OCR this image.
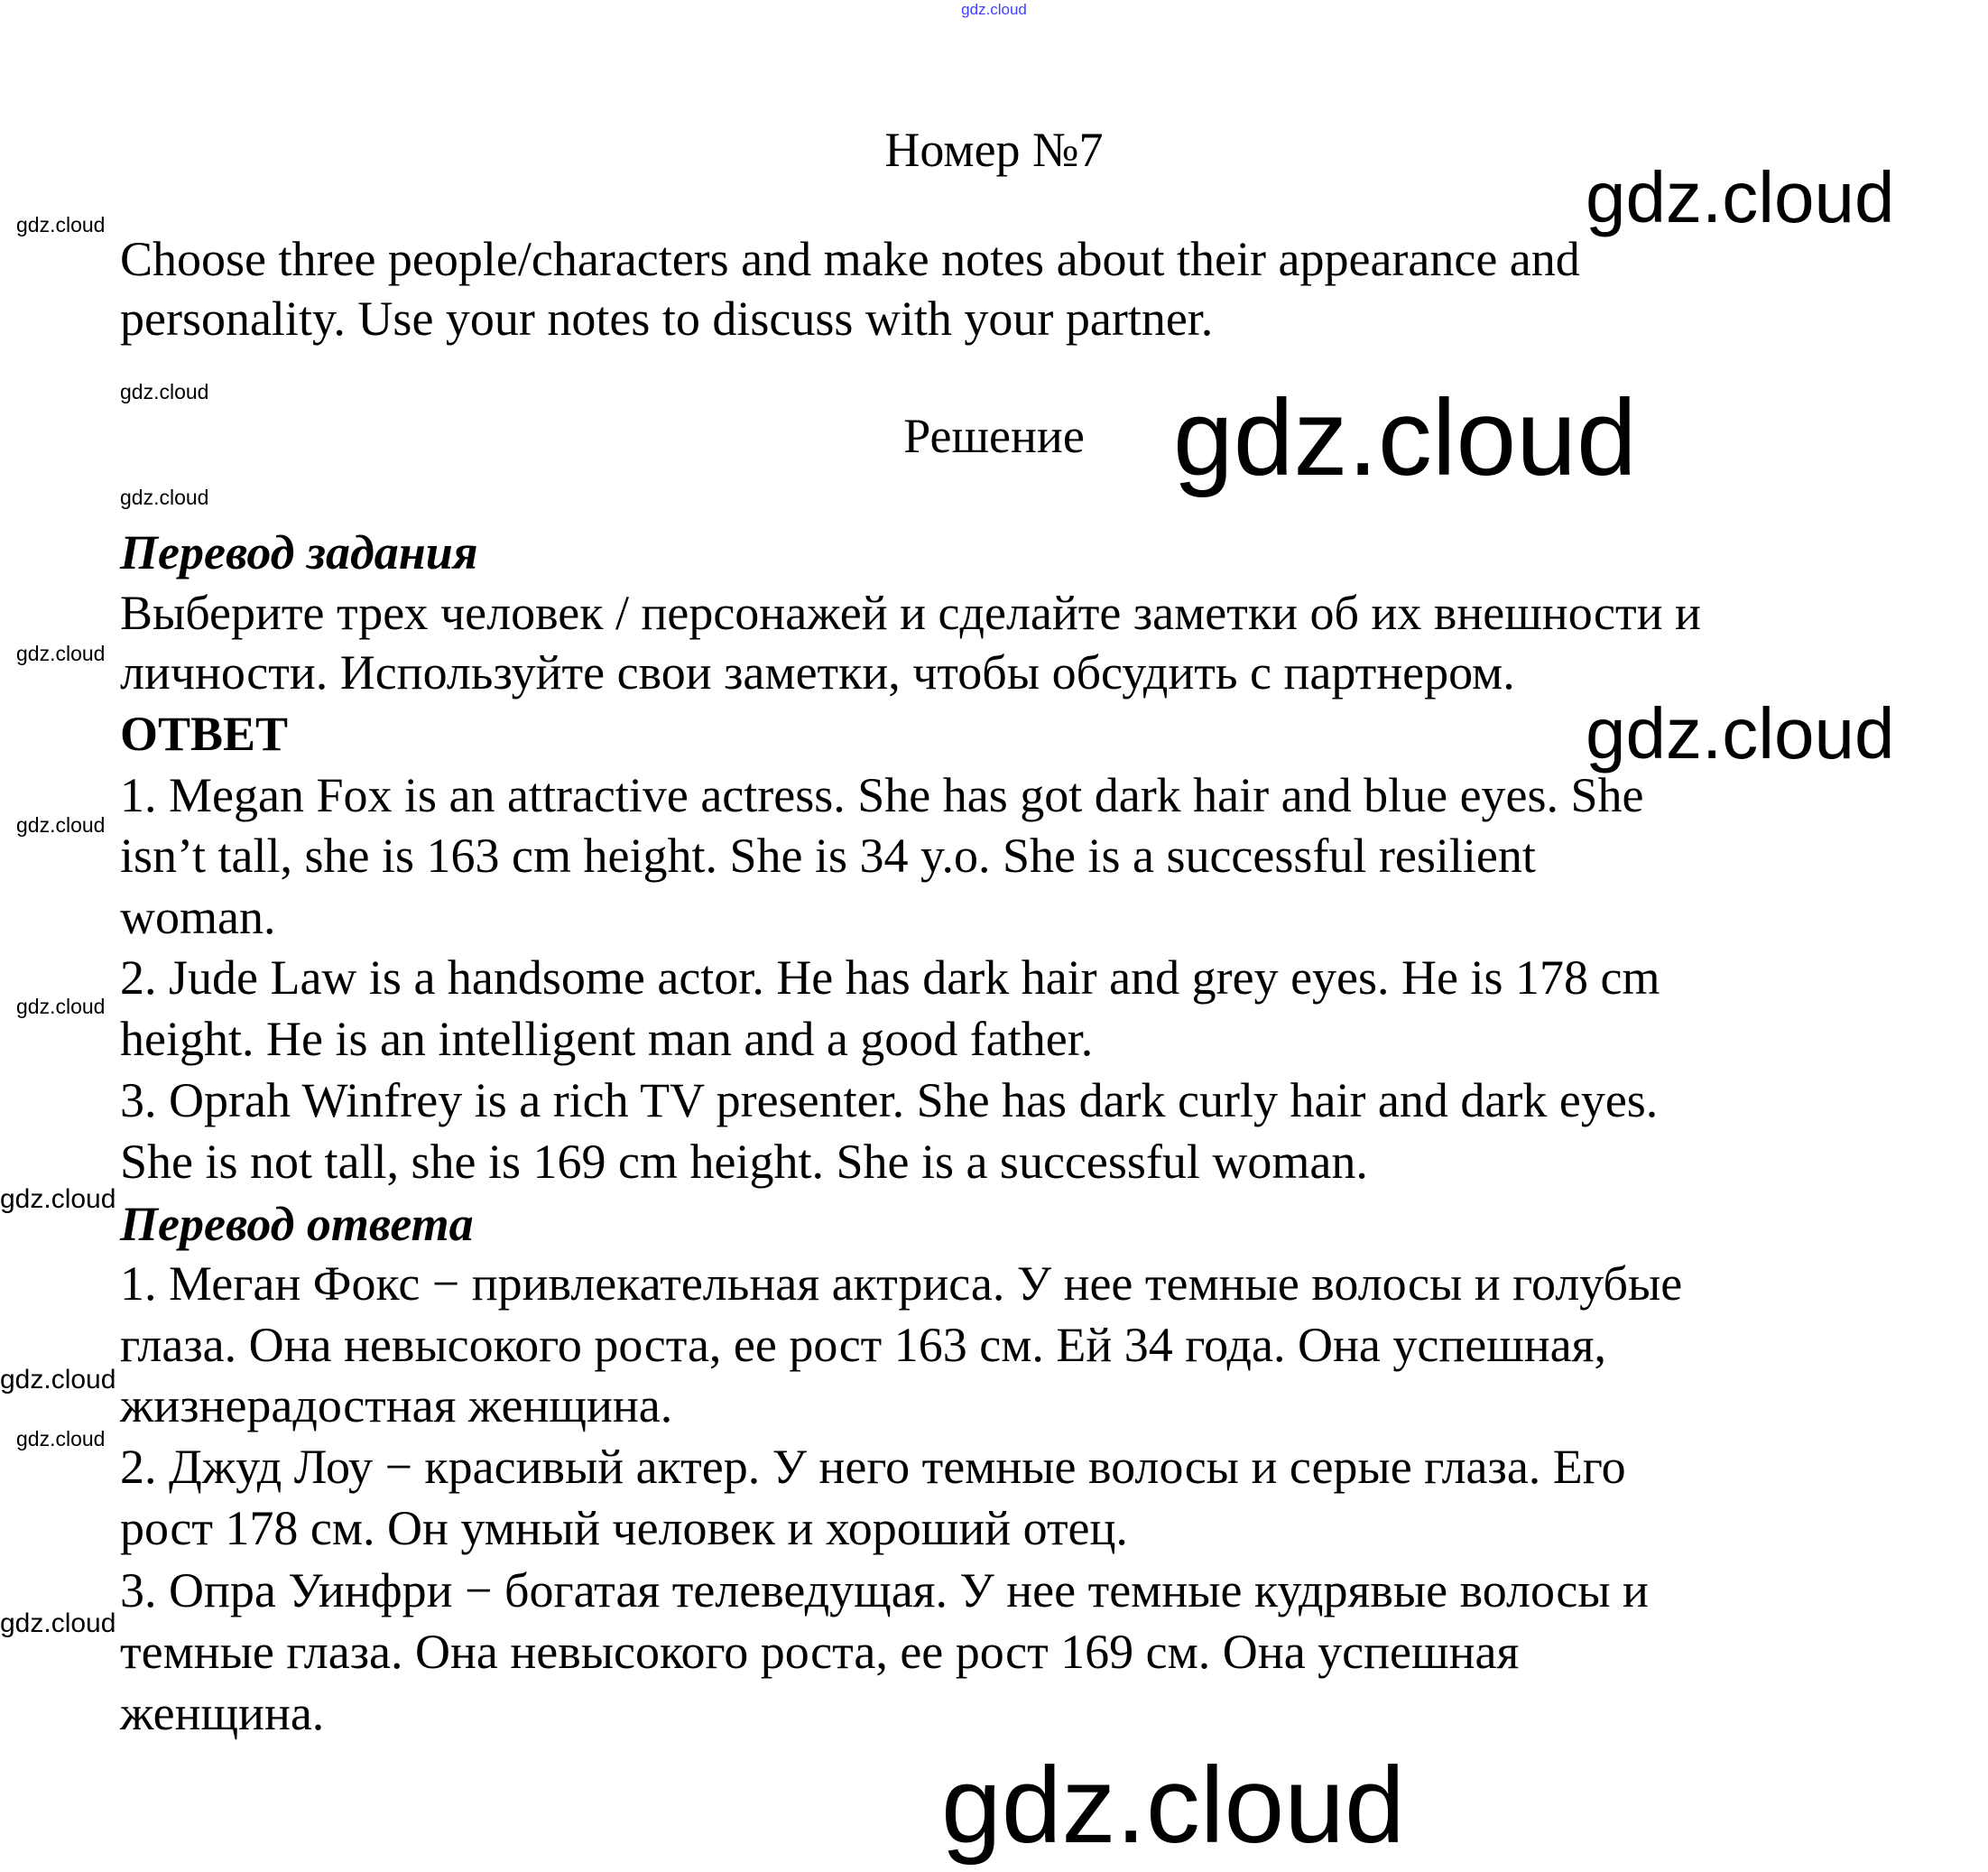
gdz.cloud
Номер №7
Choose three people/characters and make notes about their appearance and
personality. Use your notes to discuss with your partner.
Решение
Перевод задания
Выберите трех человек / персонажей и сделайте заметки об их внешности и
личности. Используйте свои заметки, чтобы обсудить с партнером.
ОТВЕТ
1. Megan Fox is an attractive actress. She has got dark hair and blue eyes. She
isn’t tall, she is 163 cm height. She is 34 y.o. She is a successful resilient
woman.
2. Jude Law is a handsome actor. He has dark hair and grey eyes. He is 178 cm
height. He is an intelligent man and a good father.
3. Oprah Winfrey is a rich TV presenter. She has dark curly hair and dark eyes.
She is not tall, she is 169 cm height. She is a successful woman.
Перевод ответа
1. Меган Фокс − привлекательная актриса. У нее темные волосы и голубые
глаза. Она невысокого роста, ее рост 163 см. Ей 34 года. Она успешная,
жизнерадостная женщина.
2. Джуд Лоу − красивый актер. У него темные волосы и серые глаза. Его
рост 178 см. Он умный человек и хороший отец.
3. Опра Уинфри − богатая телеведущая. У нее темные кудрявые волосы и
темные глаза. Она невысокого роста, ее рост 169 см. Она успешная
женщина.
gdz.cloud
gdz.cloud
gdz.cloud
gdz.cloud
gdz.cloud
gdz.cloud
gdz.cloud
gdz.cloud
gdz.cloud
gdz.cloud
gdz.cloud
gdz.cloud
gdz.cloud
gdz.cloud
